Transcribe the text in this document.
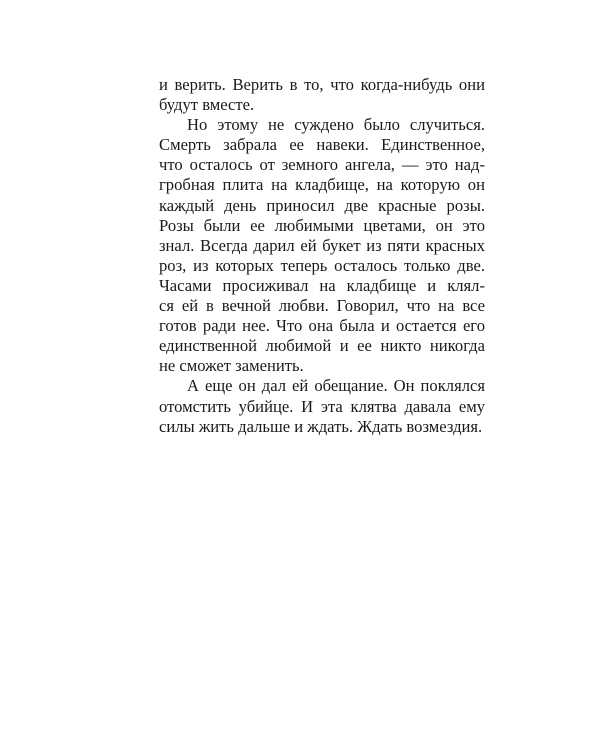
и верить. Верить в то, что когда-нибудь они
будут вместе.
Но этому не суждено было случиться.
Смерть забрала ее навеки. Единственное,
что осталось от земного ангела, — это над-
гробная плита на кладбище, на которую он
каждый день приносил две красные розы.
Розы были ее любимыми цветами, он это
знал. Всегда дарил ей букет из пяти красных
роз, из которых теперь осталось только две.
Часами просиживал на кладбище и клял-
ся ей в вечной любви. Говорил, что на все
готов ради нее. Что она была и остается его
единственной любимой и ее никто никогда
не сможет заменить.
А еще он дал ей обещание. Он поклялся
отомстить убийце. И эта клятва давала ему
силы жить дальше и ждать. Ждать возмездия.
